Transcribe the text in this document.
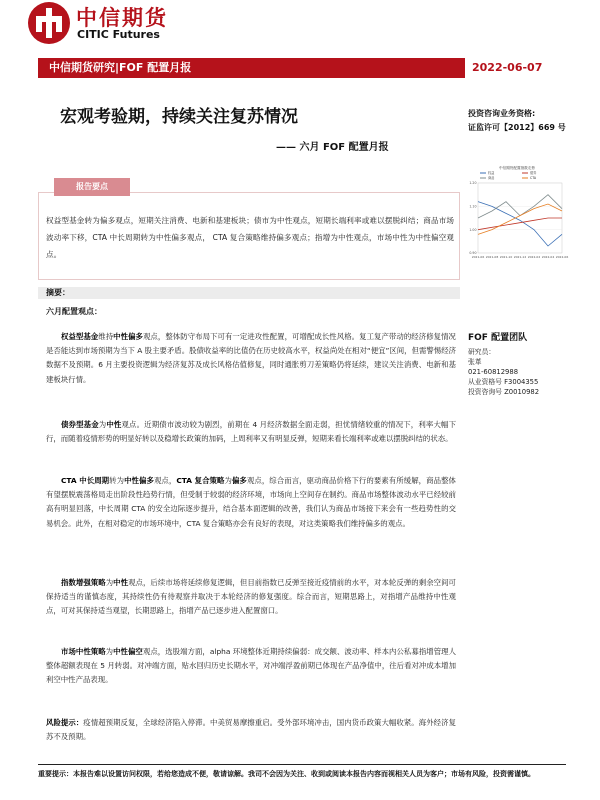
中信期货
CITIC Futures
中信期货研究|FOF 配置月报	2022-06-07
宏观考验期，持续关注复苏情况
—— 六月 FOF 配置月报
投资咨询业务资格:
证监许可【2012】669 号
中信期货配置指数走势
权益	债券
商品	CTA
2021-06 2021-08 2021-10 2021-12 2022-02 2022-04 2022-06
0.90
1.00
1.10
1.20
报告要点
权益型基金转为偏多观点，短期关注消费、电新和基建板块；债市为中性观点，短期长端利率或难以摆脱纠结；商品市场波动率下移，CTA 中长周期转为中性偏多观点， CTA 复合策略维持偏多观点；指增为中性观点，市场中性为中性偏空观点。
摘要：
六月配置观点：
权益型基金维持中性偏多观点，整体防守布局下可有一定进攻性配置，可增配成长性风格。复工复产带动的经济修复情况是否能达到市场预期为当下 A 股主要矛盾。股债收益率的比值仍在历史较高水平，权益尚处在相对“便宜”区间，但需警惕经济数据不及预期。6 月主要投资逻辑为经济复苏及成长风格估值修复，同时通胀剪刀差策略仍将延续，建议关注消费、电新和基建板块行情。
债券型基金为中性观点。近期债市波动较为剧烈，前期在 4 月经济数据全面走弱，担忧情绪较重的情况下，利率大幅下行，而随着疫情形势的明显好转以及稳增长政策的加码，上周利率又有明显反弹，短期来看长端利率或难以摆脱纠结的状态。
CTA 中长周期转为中性偏多观点，CTA 复合策略为偏多观点，综合而言，驱动商品价格下行的要素有所缓解，商品整体有望摆脱震荡格局走出阶段性趋势行情，但受制于较弱的经济环境，市场向上空间存在制约。商品市场整体波动水平已经较前高有明显回落，中长周期 CTA 的安全边际逐步提升，结合基本面逻辑的改善，我们认为商品市场接下来会有一些趋势性的交易机会。此外，在相对稳定的市场环境中，CTA 复合策略亦会有良好的表现，对这类策略我们维持偏多的观点。
指数增强策略为中性观点，后续市场将延续修复逻辑，但目前指数已反弹至接近疫情前的水平，对本轮反弹的剩余空间可保持适当的谨慎态度，其持续性仍有待观察并取决于本轮经济的修复强度。综合而言，短期思路上，对指增产品维持中性观点，可对其保持适当观望，长期思路上，指增产品已逐步进入配置窗口。
市场中性策略为中性偏空观点，选股端方面，alpha 环境整体近期持续偏弱：成交额、波动率、样本内公私募指增管理人整体超额表现在 5 月转弱。对冲端方面，贴水回归历史长期水平，对冲端浮盈前期已体现在产品净值中，往后看对冲成本增加利空中性产品表现。
风险提示：疫情超预期反复，全球经济陷入停滞。中美贸易摩擦重启。受外部环境冲击，国内货币政策大幅收紧。海外经济复苏不及预期。
FOF 配置团队
研究员：
张革
021-60812988
从业资格号 F3004355
投资咨询号 Z0010982
重要提示：本报告难以设置访问权限，若给您造成不便，敬请谅解。我司不会因为关注、收到或阅读本报告内容而视相关人员为客户；市场有风险，投资需谨慎。
